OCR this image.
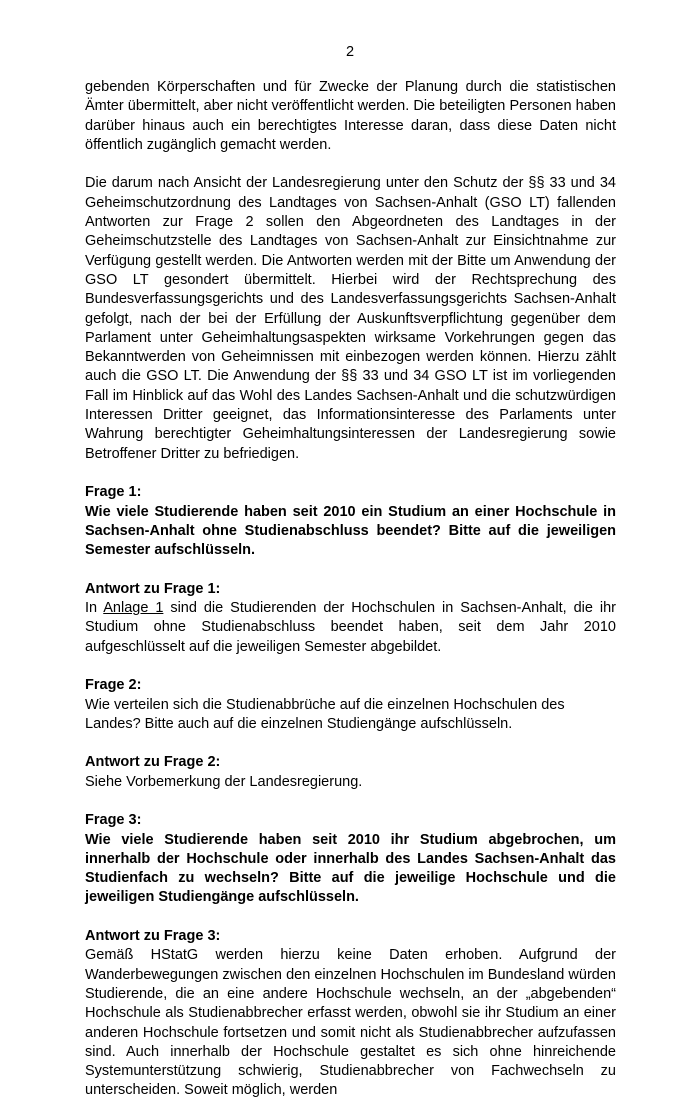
2

gebenden Körperschaften und für Zwecke der Planung durch die statistischen Ämter übermittelt, aber nicht veröffentlicht werden. Die beteiligten Personen haben darüber hinaus auch ein berechtigtes Interesse daran, dass diese Daten nicht öffentlich zugänglich gemacht werden.

Die darum nach Ansicht der Landesregierung unter den Schutz der §§ 33 und 34 Geheimschutzordnung des Landtages von Sachsen-Anhalt (GSO LT) fallenden Antworten zur Frage 2 sollen den Abgeordneten des Landtages in der Geheimschutzstelle des Landtages von Sachsen-Anhalt zur Einsichtnahme zur Verfügung gestellt werden. Die Antworten werden mit der Bitte um Anwendung der GSO LT gesondert übermittelt. Hierbei wird der Rechtsprechung des Bundesverfassungsgerichts und des Landesverfassungsgerichts Sachsen-Anhalt gefolgt, nach der bei der Erfüllung der Auskunftsverpflichtung gegenüber dem Parlament unter Geheimhaltungsaspekten wirksame Vorkehrungen gegen das Bekanntwerden von Geheimnissen mit einbezogen werden können. Hierzu zählt auch die GSO LT. Die Anwendung der §§ 33 und 34 GSO LT ist im vorliegenden Fall im Hinblick auf das Wohl des Landes Sachsen-Anhalt und die schutzwürdigen Interessen Dritter geeignet, das Informationsinteresse des Parlaments unter Wahrung berechtigter Geheimhaltungsinteressen der Landesregierung sowie Betroffener Dritter zu befriedigen.

Frage 1:

Wie viele Studierende haben seit 2010 ein Studium an einer Hochschule in Sachsen-Anhalt ohne Studienabschluss beendet? Bitte auf die jeweiligen Semester aufschlüsseln.

Antwort zu Frage 1:

In Anlage 1 sind die Studierenden der Hochschulen in Sachsen-Anhalt, die ihr Studium ohne Studienabschluss beendet haben, seit dem Jahr 2010 aufgeschlüsselt auf die jeweiligen Semester abgebildet.

Frage 2:

Wie verteilen sich die Studienabbrüche auf die einzelnen Hochschulen des Landes? Bitte auch auf die einzelnen Studiengänge aufschlüsseln.

Antwort zu Frage 2:

Siehe Vorbemerkung der Landesregierung.

Frage 3:

Wie viele Studierende haben seit 2010 ihr Studium abgebrochen, um innerhalb der Hochschule oder innerhalb des Landes Sachsen-Anhalt das Studienfach zu wechseln? Bitte auf die jeweilige Hochschule und die jeweiligen Studiengänge aufschlüsseln.

Antwort zu Frage 3:

Gemäß HStatG werden hierzu keine Daten erhoben. Aufgrund der Wanderbewegungen zwischen den einzelnen Hochschulen im Bundesland würden Studierende, die an eine andere Hochschule wechseln, an der „abgebenden“ Hochschule als Studienabbrecher erfasst werden, obwohl sie ihr Studium an einer anderen Hochschule fortsetzen und somit nicht als Studienabbrecher aufzufassen sind. Auch innerhalb der Hochschule gestaltet es sich ohne hinreichende Systemunterstützung schwierig, Studienabbrecher von Fachwechseln zu unterscheiden. Soweit möglich, werden
